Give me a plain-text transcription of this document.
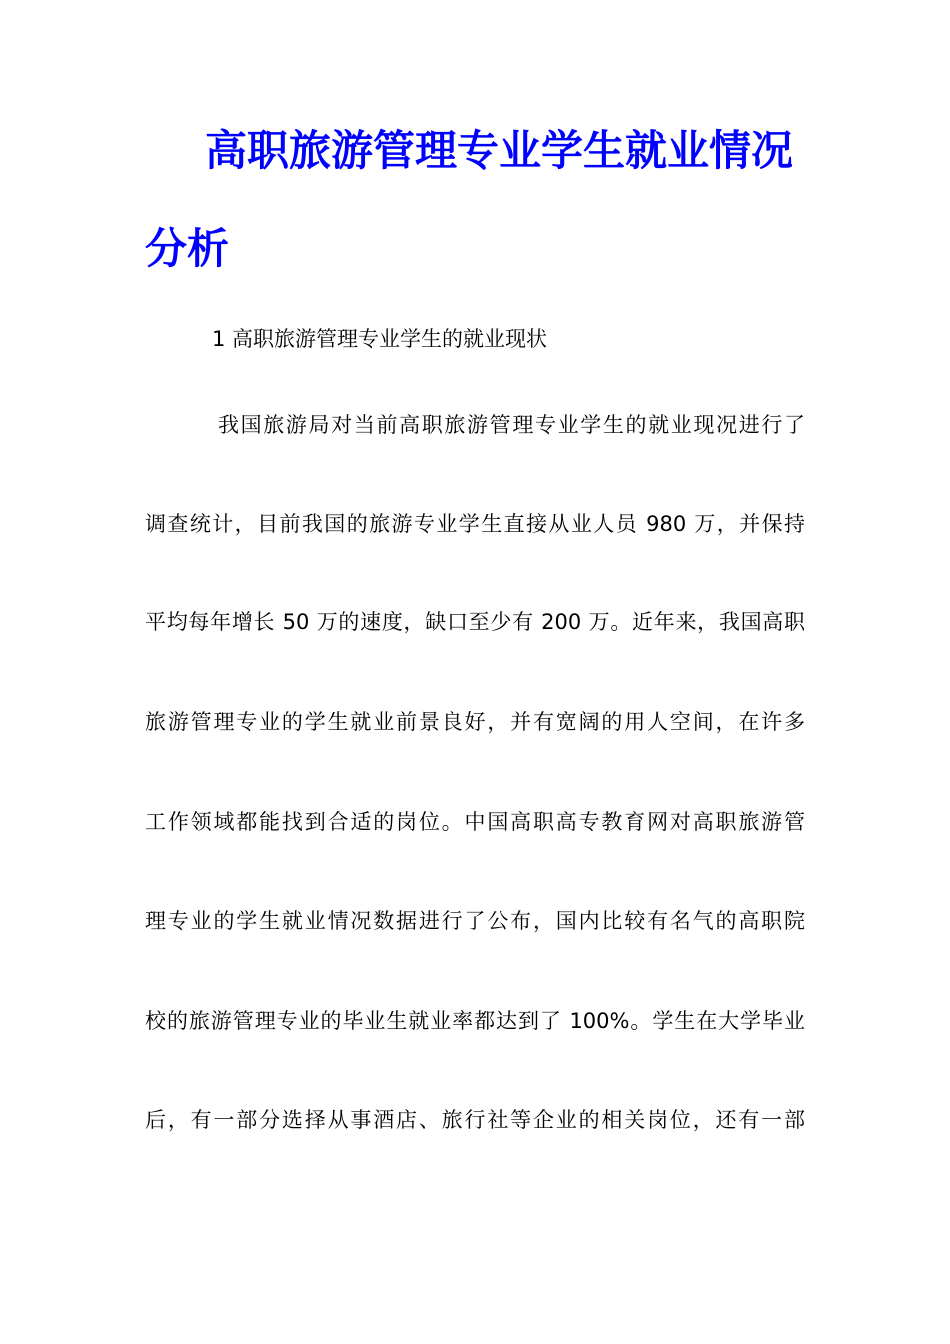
高职旅游管理专业学生就业情况
分析
1 高职旅游管理专业学生的就业现状
我国旅游局对当前高职旅游管理专业学生的就业现况进行了
调查统计，目前我国的旅游专业学生直接从业人员 980 万，并保持
平均每年增长 50 万的速度，缺口至少有 200 万。近年来，我国高职
旅游管理专业的学生就业前景良好，并有宽阔的用人空间，在许多
工作领域都能找到合适的岗位。中国高职高专教育网对高职旅游管
理专业的学生就业情况数据进行了公布，国内比较有名气的高职院
校的旅游管理专业的毕业生就业率都达到了 100%。学生在大学毕业
后，有一部分选择从事酒店、旅行社等企业的相关岗位，还有一部
